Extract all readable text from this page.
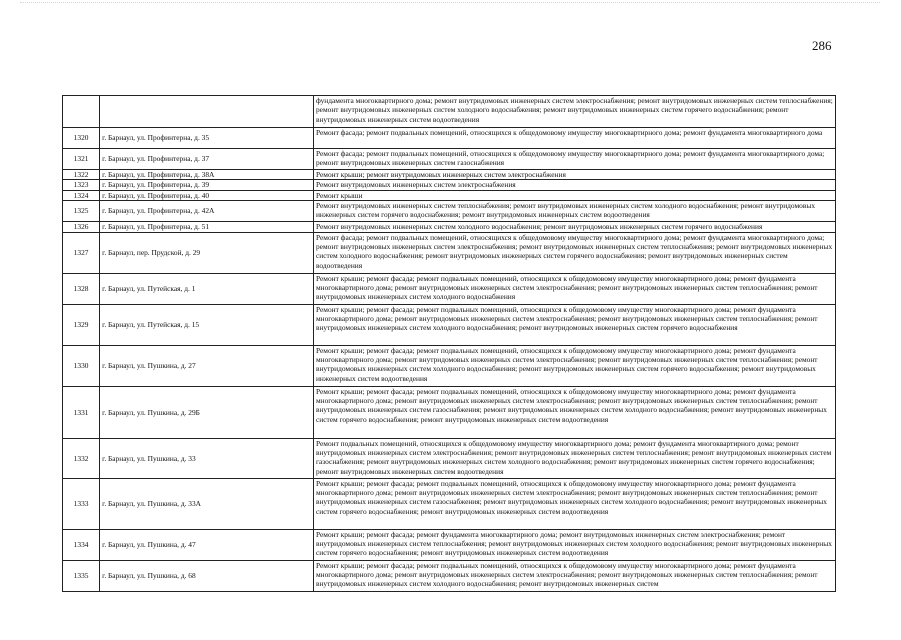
286
		фундамента многоквартирного дома; ремонт внутридомовых инженерных систем электроснабжения; ремонт внутридомовых инженерных систем теплоснабжения; ремонт внутридомовых инженерных систем холодного водоснабжения; ремонт внутридомовых инженерных систем горячего водоснабжения; ремонт внутридомовых инженерных систем водоотведения
1320	г. Барнаул, ул. Профинтерна, д. 35	Ремонт фасада; ремонт подвальных помещений, относящихся к общедомовому имуществу многоквартирного дома; ремонт фундамента многоквартирного дома
1321	г. Барнаул, ул. Профинтерна, д. 37	Ремонт фасада; ремонт подвальных помещений, относящихся к общедомовому имуществу многоквартирного дома; ремонт фундамента многоквартирного дома; ремонт внутридомовых инженерных систем газоснабжения
1322	г. Барнаул, ул. Профинтерна, д. 38А	Ремонт крыши; ремонт внутридомовых инженерных систем электроснабжения
1323	г. Барнаул, ул. Профинтерна, д. 39	Ремонт внутридомовых инженерных систем электроснабжения
1324	г. Барнаул, ул. Профинтерна, д. 40	Ремонт крыши
1325	г. Барнаул, ул. Профинтерна, д. 42А	Ремонт внутридомовых инженерных систем теплоснабжения; ремонт внутридомовых инженерных систем холодного водоснабжения; ремонт внутридомовых инженерных систем горячего водоснабжения; ремонт внутридомовых инженерных систем водоотведения
1326	г. Барнаул, ул. Профинтерна, д. 51	Ремонт внутридомовых инженерных систем холодного водоснабжения; ремонт внутридомовых инженерных систем горячего водоснабжения
1327	г. Барнаул, пер. Прудской, д. 29	Ремонт фасада; ремонт подвальных помещений, относящихся к общедомовому имуществу многоквартирного дома; ремонт фундамента многоквартирного дома; ремонт внутридомовых инженерных систем электроснабжения; ремонт внутридомовых инженерных систем теплоснабжения; ремонт внутридомовых инженерных систем холодного водоснабжения; ремонт внутридомовых инженерных систем горячего водоснабжения; ремонт внутридомовых инженерных систем водоотведения
1328	г. Барнаул, ул. Путейская, д. 1	Ремонт крыши; ремонт фасада; ремонт подвальных помещений, относящихся к общедомовому имуществу многоквартирного дома; ремонт фундамента многоквартирного дома; ремонт внутридомовых инженерных систем электроснабжения; ремонт внутридомовых инженерных систем теплоснабжения; ремонт внутридомовых инженерных систем холодного водоснабжения
1329	г. Барнаул, ул. Путейская, д. 15	Ремонт крыши; ремонт фасада; ремонт подвальных помещений, относящихся к общедомовому имуществу многоквартирного дома; ремонт фундамента многоквартирного дома; ремонт внутридомовых инженерных систем электроснабжения; ремонт внутридомовых инженерных систем теплоснабжения; ремонт внутридомовых инженерных систем холодного водоснабжения; ремонт внутридомовых инженерных систем горячего водоснабжения
1330	г. Барнаул, ул. Пушкина, д. 27	Ремонт крыши; ремонт фасада; ремонт подвальных помещений, относящихся к общедомовому имуществу многоквартирного дома; ремонт фундамента многоквартирного дома; ремонт внутридомовых инженерных систем электроснабжения; ремонт внутридомовых инженерных систем теплоснабжения; ремонт внутридомовых инженерных систем холодного водоснабжения; ремонт внутридомовых инженерных систем горячего водоснабжения; ремонт внутридомовых инженерных систем водоотведения
1331	г. Барнаул, ул. Пушкина, д. 29Б	Ремонт крыши; ремонт фасада; ремонт подвальных помещений, относящихся к общедомовому имуществу многоквартирного дома; ремонт фундамента многоквартирного дома; ремонт внутридомовых инженерных систем электроснабжения; ремонт внутридомовых инженерных систем теплоснабжения; ремонт внутридомовых инженерных систем газоснабжения; ремонт внутридомовых инженерных систем холодного водоснабжения; ремонт внутридомовых инженерных систем горячего водоснабжения; ремонт внутридомовых инженерных систем водоотведения
1332	г. Барнаул, ул. Пушкина, д. 33	Ремонт подвальных помещений, относящихся к общедомовому имуществу многоквартирного дома; ремонт фундамента многоквартирного дома; ремонт внутридомовых инженерных систем электроснабжения; ремонт внутридомовых инженерных систем теплоснабжения; ремонт внутридомовых инженерных систем газоснабжения; ремонт внутридомовых инженерных систем холодного водоснабжения; ремонт внутридомовых инженерных систем горячего водоснабжения; ремонт внутридомовых инженерных систем водоотведения
1333	г. Барнаул, ул. Пушкина, д. 33А	Ремонт крыши; ремонт фасада; ремонт подвальных помещений, относящихся к общедомовому имуществу многоквартирного дома; ремонт фундамента многоквартирного дома; ремонт внутридомовых инженерных систем электроснабжения; ремонт внутридомовых инженерных систем теплоснабжения; ремонт внутридомовых инженерных систем газоснабжения; ремонт внутридомовых инженерных систем холодного водоснабжения; ремонт внутридомовых инженерных систем горячего водоснабжения; ремонт внутридомовых инженерных систем водоотведения
1334	г. Барнаул, ул. Пушкина, д. 47	Ремонт крыши; ремонт фасада; ремонт фундамента многоквартирного дома; ремонт внутридомовых инженерных систем электроснабжения; ремонт внутридомовых инженерных систем теплоснабжения; ремонт внутридомовых инженерных систем холодного водоснабжения; ремонт внутридомовых инженерных систем горячего водоснабжения; ремонт внутридомовых инженерных систем водоотведения
1335	г. Барнаул, ул. Пушкина, д. 68	Ремонт крыши; ремонт фасада; ремонт подвальных помещений, относящихся к общедомовому имуществу многоквартирного дома; ремонт фундамента многоквартирного дома; ремонт внутридомовых инженерных систем электроснабжения; ремонт внутридомовых инженерных систем теплоснабжения; ремонт внутридомовых инженерных систем холодного водоснабжения; ремонт внутридомовых инженерных систем
